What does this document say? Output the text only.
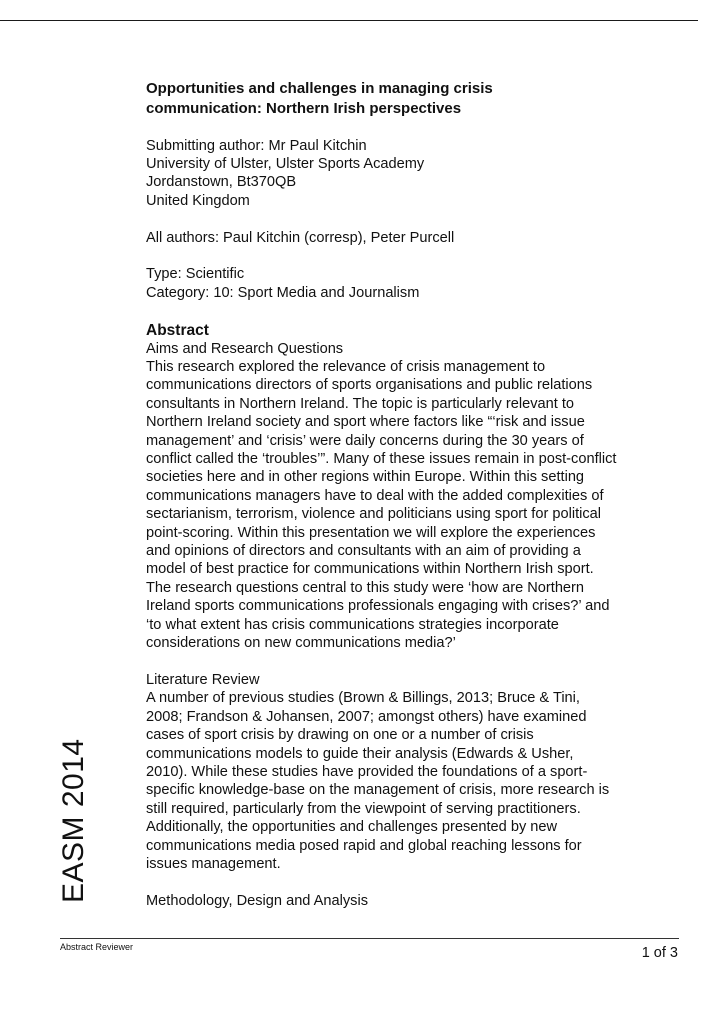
Opportunities and challenges in managing crisis
communication: Northern Irish perspectives

Submitting author: Mr Paul Kitchin
University of Ulster, Ulster Sports Academy
Jordanstown, Bt370QB
United Kingdom

All authors: Paul Kitchin (corresp), Peter Purcell

Type: Scientific
Category: 10: Sport Media and Journalism

Abstract

Aims and Research Questions

This research explored the relevance of crisis management to
communications directors of sports organisations and public relations
consultants in Northern Ireland. The topic is particularly relevant to
Northern Ireland society and sport where factors like “‘risk and issue
management’ and ‘crisis’ were daily concerns during the 30 years of
conflict called the ‘troubles’”. Many of these issues remain in post-conflict
societies here and in other regions within Europe. Within this setting
communications managers have to deal with the added complexities of
sectarianism, terrorism, violence and politicians using sport for political
point-scoring. Within this presentation we will explore the experiences
and opinions of directors and consultants with an aim of providing a
model of best practice for communications within Northern Irish sport.
The research questions central to this study were ‘how are Northern
Ireland sports communications professionals engaging with crises?’ and
‘to what extent has crisis communications strategies incorporate
considerations on new communications media?’

Literature Review

A number of previous studies (Brown & Billings, 2013; Bruce & Tini,
2008; Frandson & Johansen, 2007; amongst others) have examined
cases of sport crisis by drawing on one or a number of crisis
communications models to guide their analysis (Edwards & Usher,
2010). While these studies have provided the foundations of a sport-
specific knowledge-base on the management of crisis, more research is
still required, particularly from the viewpoint of serving practitioners.
Additionally, the opportunities and challenges presented by new
communications media posed rapid and global reaching lessons for
issues management.

Methodology, Design and Analysis

EASM 2014
Abstract Reviewer	1 of 3
